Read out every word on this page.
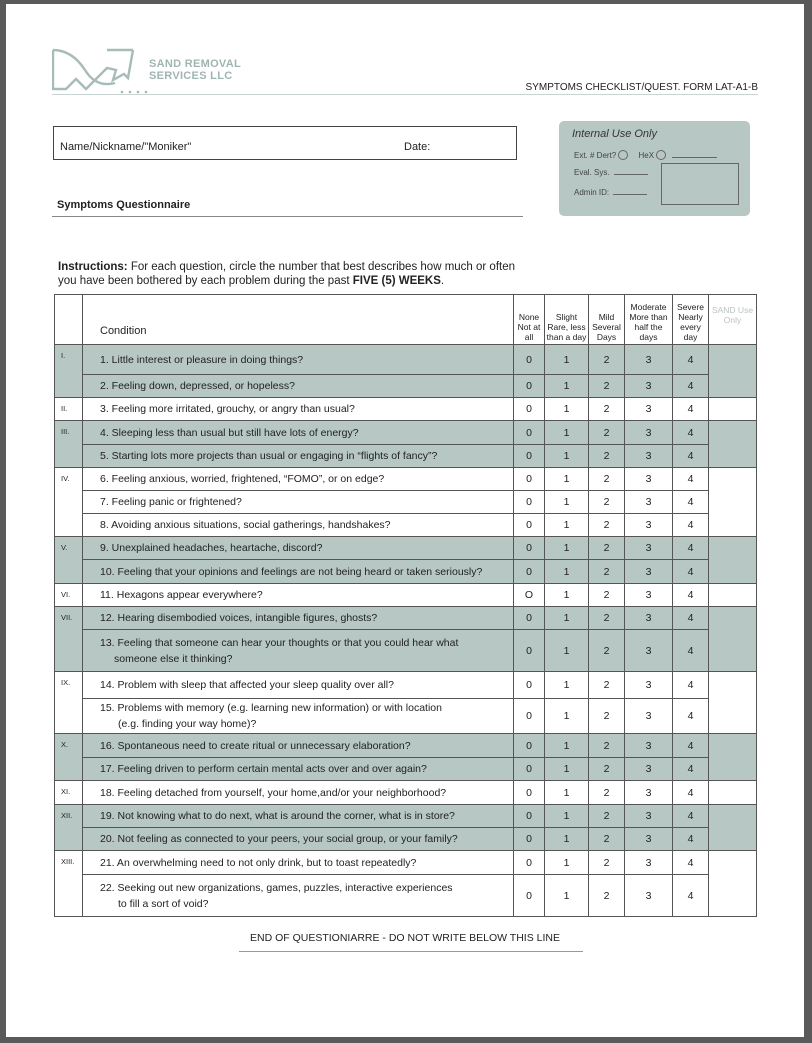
SAND REMOVAL
SERVICES LLC
SYMPTOMS CHECKLIST/QUEST. FORM LAT-A1-B
Name/Nickname/"Moniker"	Date:
Internal Use Only
Ext. # Dert?	HeX
Eval. Sys.
Admin ID:
Symptoms Questionnaire
Instructions: For each question, circle the number that best describes how much or often you have been bothered by each problem during the past FIVE (5) WEEKS.
	Condition	None Not at all	Slight Rare, less than a day	Mild Several Days	Moderate More than half the days	Severe Nearly every day	SAND Use Only
I.	1. Little interest or pleasure in doing things?	0	1	2	3	4	

	2. Feeling down, depressed, or hopeless?	0	1	2	3	4	
II.	3. Feeling more irritated, grouchy, or angry than usual?	0	1	2	3	4	
III.	4. Sleeping less than usual but still have lots of energy?	0	1	2	3	4	

	5. Starting lots more projects than usual or engaging in “flights of fancy”?	0	1	2	3	4	
IV.	6. Feeling anxious, worried, frightened, “FOMO”, or on edge?	0	1	2	3	4	

	7. Feeling panic or frightened?	0	1	2	3	4	

	8. Avoiding anxious situations, social gatherings, handshakes?	0	1	2	3	4	
V.	9. Unexplained headaches, heartache, discord?	0	1	2	3	4	

	10. Feeling that your opinions and feelings are not being heard or taken seriously?	0	1	2	3	4	
VI.	11. Hexagons appear everywhere?	O	1	2	3	4	
VII.	12. Hearing disembodied voices, intangible figures, ghosts?	0	1	2	3	4	

	13. Feeling that someone can hear your thoughts or that you could hear what
someone else it thinking?	0	1	2	3	4	
IX.	14. Problem with sleep that affected your sleep quality over all?	0	1	2	3	4	

	15. Problems with memory (e.g. learning new information) or with location
(e.g. finding your way home)?	0	1	2	3	4	
X.	16. Spontaneous need to create ritual or unnecessary elaboration?	0	1	2	3	4	

	17. Feeling driven to perform certain mental acts over and over again?	0	1	2	3	4	
XI.	18. Feeling detached from yourself, your home,and/or your neighborhood?	0	1	2	3	4	
XII.	19. Not knowing what to do next, what is around the corner, what is in store?	0	1	2	3	4	

	20. Not feeling as connected to your peers, your social group, or your family?	0	1	2	3	4	
XIII.	21. An overwhelming need to not only drink, but to toast repeatedly?	0	1	2	3	4	

	22. Seeking out new organizations, games, puzzles, interactive experiences
to fill a sort of void?	0	1	2	3	4	
END OF QUESTIONIARRE - DO NOT WRITE BELOW THIS LINE
